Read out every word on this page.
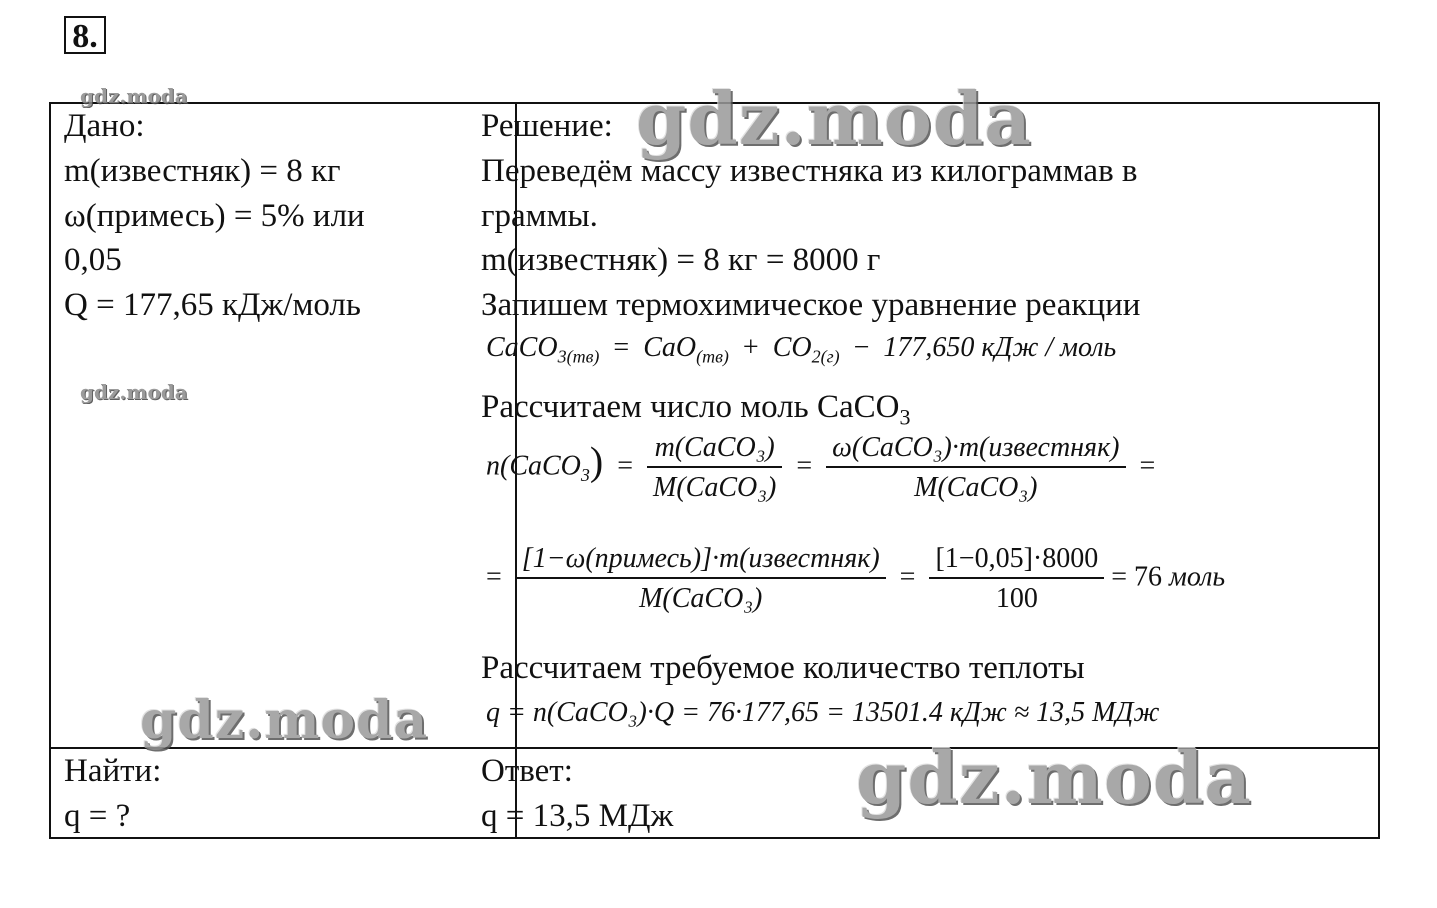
8.
Дано:
m(известняк) = 8 кг
ω(примесь) = 5% или
0,05
Q = 177,65 кДж/моль
Найти:
q = ?
Решение:
Переведём массу известняка из килограммав в
граммы.
m(известняк) = 8 кг = 8000 г
Запишем термохимическое уравнение реакции
CaCO$_{3(тв)}$ = $CaO_{(тв)} + CO_{2(г)} - 177,650$ кДж / моль
Рассчитаем число моль CaCO$_3$
n(CaCO$_3$)  = $\frac{\text{m(CaCO₃)}}{\text{M(CaCO₃)}} = \frac{\text{ω(CaCO₃)·m(известняк)}}{\text{M(CaCO₃)}}$ =
= $\frac{\text{[1−ω(примесь)]·m(известняк)}}{\text{M(CaCO₃)}} = \frac{[1-0,05]\cdot 8000}{100} = 76$ моль
Рассчитаем требуемое количество теплоты
q = n(CaCO₃)·Q = 76·177,65 = 13501.4 кДж ≈ 13,5 МДж
Ответ:
q = 13,5 МДж
gdz.moda
gdz.moda
gdz.moda
gdz.moda
gdz.moda
